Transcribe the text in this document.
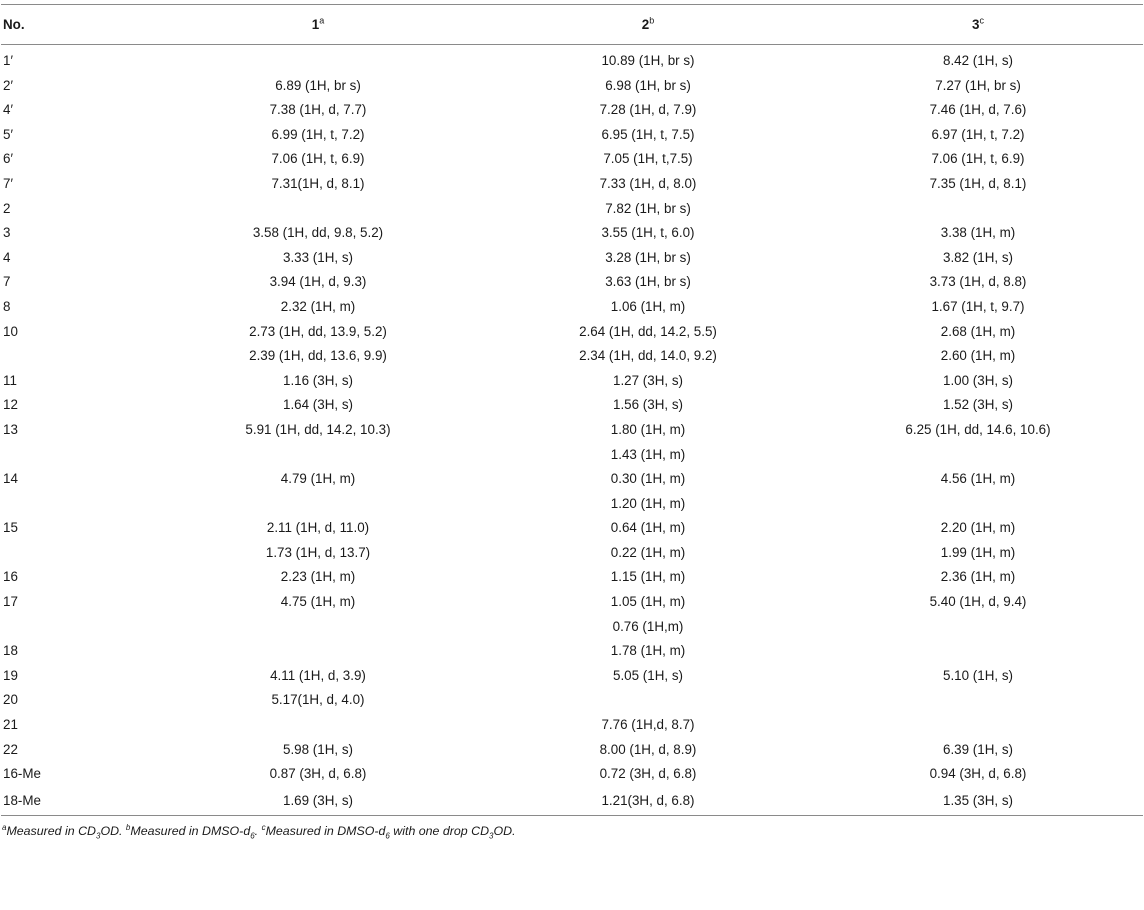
No.	1$^a$	2$^b$	3$^c$
1′		10.89 (1H, br s)	8.42 (1H, s)
2′	6.89 (1H, br s)	6.98 (1H, br s)	7.27 (1H, br s)
4′	7.38 (1H, d, 7.7)	7.28 (1H, d, 7.9)	7.46 (1H, d, 7.6)
5′	6.99 (1H, t, 7.2)	6.95 (1H, t, 7.5)	6.97 (1H, t, 7.2)
6′	7.06 (1H, t, 6.9)	7.05 (1H, t,7.5)	7.06 (1H, t, 6.9)
7′	7.31(1H, d, 8.1)	7.33 (1H, d, 8.0)	7.35 (1H, d, 8.1)
2		7.82 (1H, br s)	
3	3.58 (1H, dd, 9.8, 5.2)	3.55 (1H, t, 6.0)	3.38 (1H, m)
4	3.33 (1H, s)	3.28 (1H, br s)	3.82 (1H, s)
7	3.94 (1H, d, 9.3)	3.63 (1H, br s)	3.73 (1H, d, 8.8)
8	2.32 (1H, m)	1.06 (1H, m)	1.67 (1H, t, 9.7)
10	2.73 (1H, dd, 13.9, 5.2)	2.64 (1H, dd, 14.2, 5.5)	2.68 (1H, m)
	2.39 (1H, dd, 13.6, 9.9)	2.34 (1H, dd, 14.0, 9.2)	2.60 (1H, m)
11	1.16 (3H, s)	1.27 (3H, s)	1.00 (3H, s)
12	1.64 (3H, s)	1.56 (3H, s)	1.52 (3H, s)
13	5.91 (1H, dd, 14.2, 10.3)	1.80 (1H, m)	6.25 (1H, dd, 14.6, 10.6)
		1.43 (1H, m)	
14	4.79 (1H, m)	0.30 (1H, m)	4.56 (1H, m)
		1.20 (1H, m)	
15	2.11 (1H, d, 11.0)	0.64 (1H, m)	2.20 (1H, m)
	1.73 (1H, d, 13.7)	0.22 (1H, m)	1.99 (1H, m)
16	2.23 (1H, m)	1.15 (1H, m)	2.36 (1H, m)
17	4.75 (1H, m)	1.05 (1H, m)	5.40 (1H, d, 9.4)
		0.76 (1H,m)	
18		1.78 (1H, m)	
19	4.11 (1H, d, 3.9)	5.05 (1H, s)	5.10 (1H, s)
20	5.17(1H, d, 4.0)		
21		7.76 (1H,d, 8.7)	
22	5.98 (1H, s)	8.00 (1H, d, 8.9)	6.39 (1H, s)
16-Me	0.87 (3H, d, 6.8)	0.72 (3H, d, 6.8)	0.94 (3H, d, 6.8)
18-Me	1.69 (3H, s)	1.21(3H, d, 6.8)	1.35 (3H, s)
$^a$Measured in $CD_3OD$. $^b$Measured in DMSO-$d_6$. $^c$Measured in DMSO-$d_6$ with one drop $CD_3OD$.
